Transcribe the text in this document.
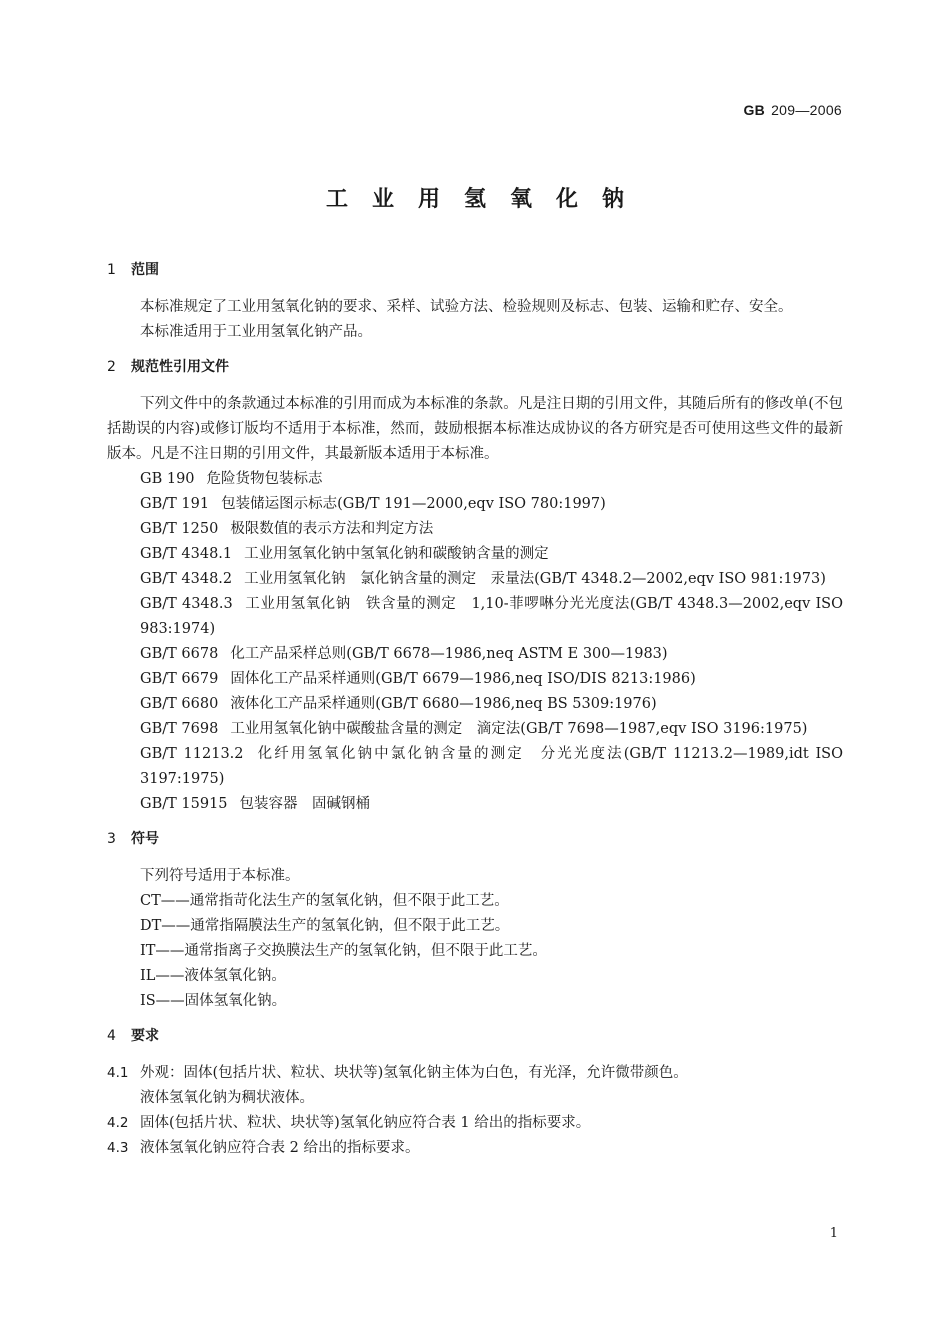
GB 209—2006
工业用氢氧化钠
1 范围

本标准规定了工业用氢氧化钠的要求、采样、试验方法、检验规则及标志、包装、运输和贮存、安全。

本标准适用于工业用氢氧化钠产品。

2 规范性引用文件

下列文件中的条款通过本标准的引用而成为本标准的条款。凡是注日期的引用文件，其随后所有的修改单(不包括勘误的内容)或修订版均不适用于本标准，然而，鼓励根据本标准达成协议的各方研究是否可使用这些文件的最新版本。凡是不注日期的引用文件，其最新版本适用于本标准。

GB 190 危险货物包装标志

GB/T 191 包装储运图示标志(GB/T 191—2000,eqv ISO 780:1997)

GB/T 1250 极限数值的表示方法和判定方法

GB/T 4348.1 工业用氢氧化钠中氢氧化钠和碳酸钠含量的测定

GB/T 4348.2 工业用氢氧化钠　氯化钠含量的测定　汞量法(GB/T 4348.2—2002,eqv ISO 981:1973)

GB/T 4348.3 工业用氢氧化钠　铁含量的测定　1,10-菲啰啉分光光度法(GB/T 4348.3—2002,eqv ISO 983:1974)

GB/T 6678 化工产品采样总则(GB/T 6678—1986,neq ASTM E 300—1983)

GB/T 6679 固体化工产品采样通则(GB/T 6679—1986,neq ISO/DIS 8213:1986)

GB/T 6680 液体化工产品采样通则(GB/T 6680—1986,neq BS 5309:1976)

GB/T 7698 工业用氢氧化钠中碳酸盐含量的测定　滴定法(GB/T 7698—1987,eqv ISO 3196:1975)

GB/T 11213.2 化纤用氢氧化钠中氯化钠含量的测定　分光光度法(GB/T 11213.2—1989,idt ISO 3197:1975)

GB/T 15915 包装容器　固碱钢桶

3 符号

下列符号适用于本标准。

CT——通常指苛化法生产的氢氧化钠，但不限于此工艺。

DT——通常指隔膜法生产的氢氧化钠，但不限于此工艺。

IT——通常指离子交换膜法生产的氢氧化钠，但不限于此工艺。

IL——液体氢氧化钠。

IS——固体氢氧化钠。

4 要求

4.1 外观：固体(包括片状、粒状、块状等)氢氧化钠主体为白色，有光泽，允许微带颜色。

液体氢氧化钠为稠状液体。

4.2 固体(包括片状、粒状、块状等)氢氧化钠应符合表 1 给出的指标要求。

4.3 液体氢氧化钠应符合表 2 给出的指标要求。

1
